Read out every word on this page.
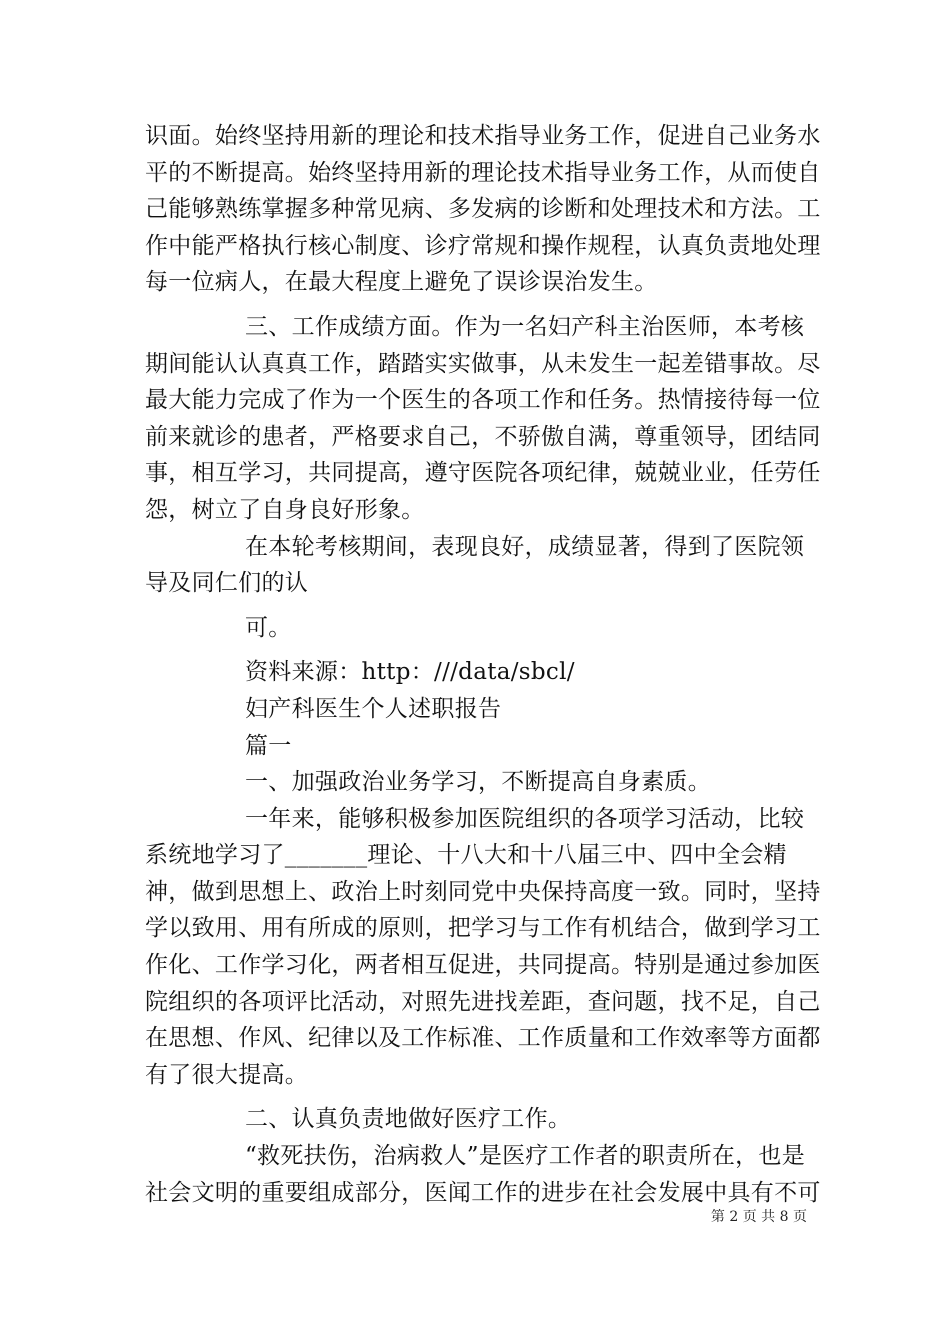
识面。始终坚持用新的理论和技术指导业务工作，促进自己业务水平的不断提高。始终坚持用新的理论技术指导业务工作，从而使自己能够熟练掌握多种常见病、多发病的诊断和处理技术和方法。工作中能严格执行核心制度、诊疗常规和操作规程，认真负责地处理每一位病人，在最大程度上避免了误诊误治发生。

三、工作成绩方面。作为一名妇产科主治医师，本考核期间能认认真真工作，踏踏实实做事，从未发生一起差错事故。尽最大能力完成了作为一个医生的各项工作和任务。热情接待每一位前来就诊的患者，严格要求自己，不骄傲自满，尊重领导，团结同事，相互学习，共同提高，遵守医院各项纪律，兢兢业业，任劳任怨，树立了自身良好形象。

在本轮考核期间，表现良好，成绩显著，得到了医院领导及同仁们的认

可。

资料来源：http：///data/sbcl/

妇产科医生个人述职报告

篇一

一、加强政治业务学习，不断提高自身素质。

一年来，能够积极参加医院组织的各项学习活动，比较系统地学习了_______理论、十八大和十八届三中、四中全会精神，做到思想上、政治上时刻同党中央保持高度一致。同时，坚持学以致用、用有所成的原则，把学习与工作有机结合，做到学习工作化、工作学习化，两者相互促进，共同提高。特别是通过参加医院组织的各项评比活动，对照先进找差距，查问题，找不足，自己在思想、作风、纪律以及工作标准、工作质量和工作效率等方面都有了很大提高。

二、认真负责地做好医疗工作。

“救死扶伤，治病救人”是医疗工作者的职责所在，也是社会文明的重要组成部分，医闻工作的进步在社会发展中具有不可

第 2 页 共 8 页
